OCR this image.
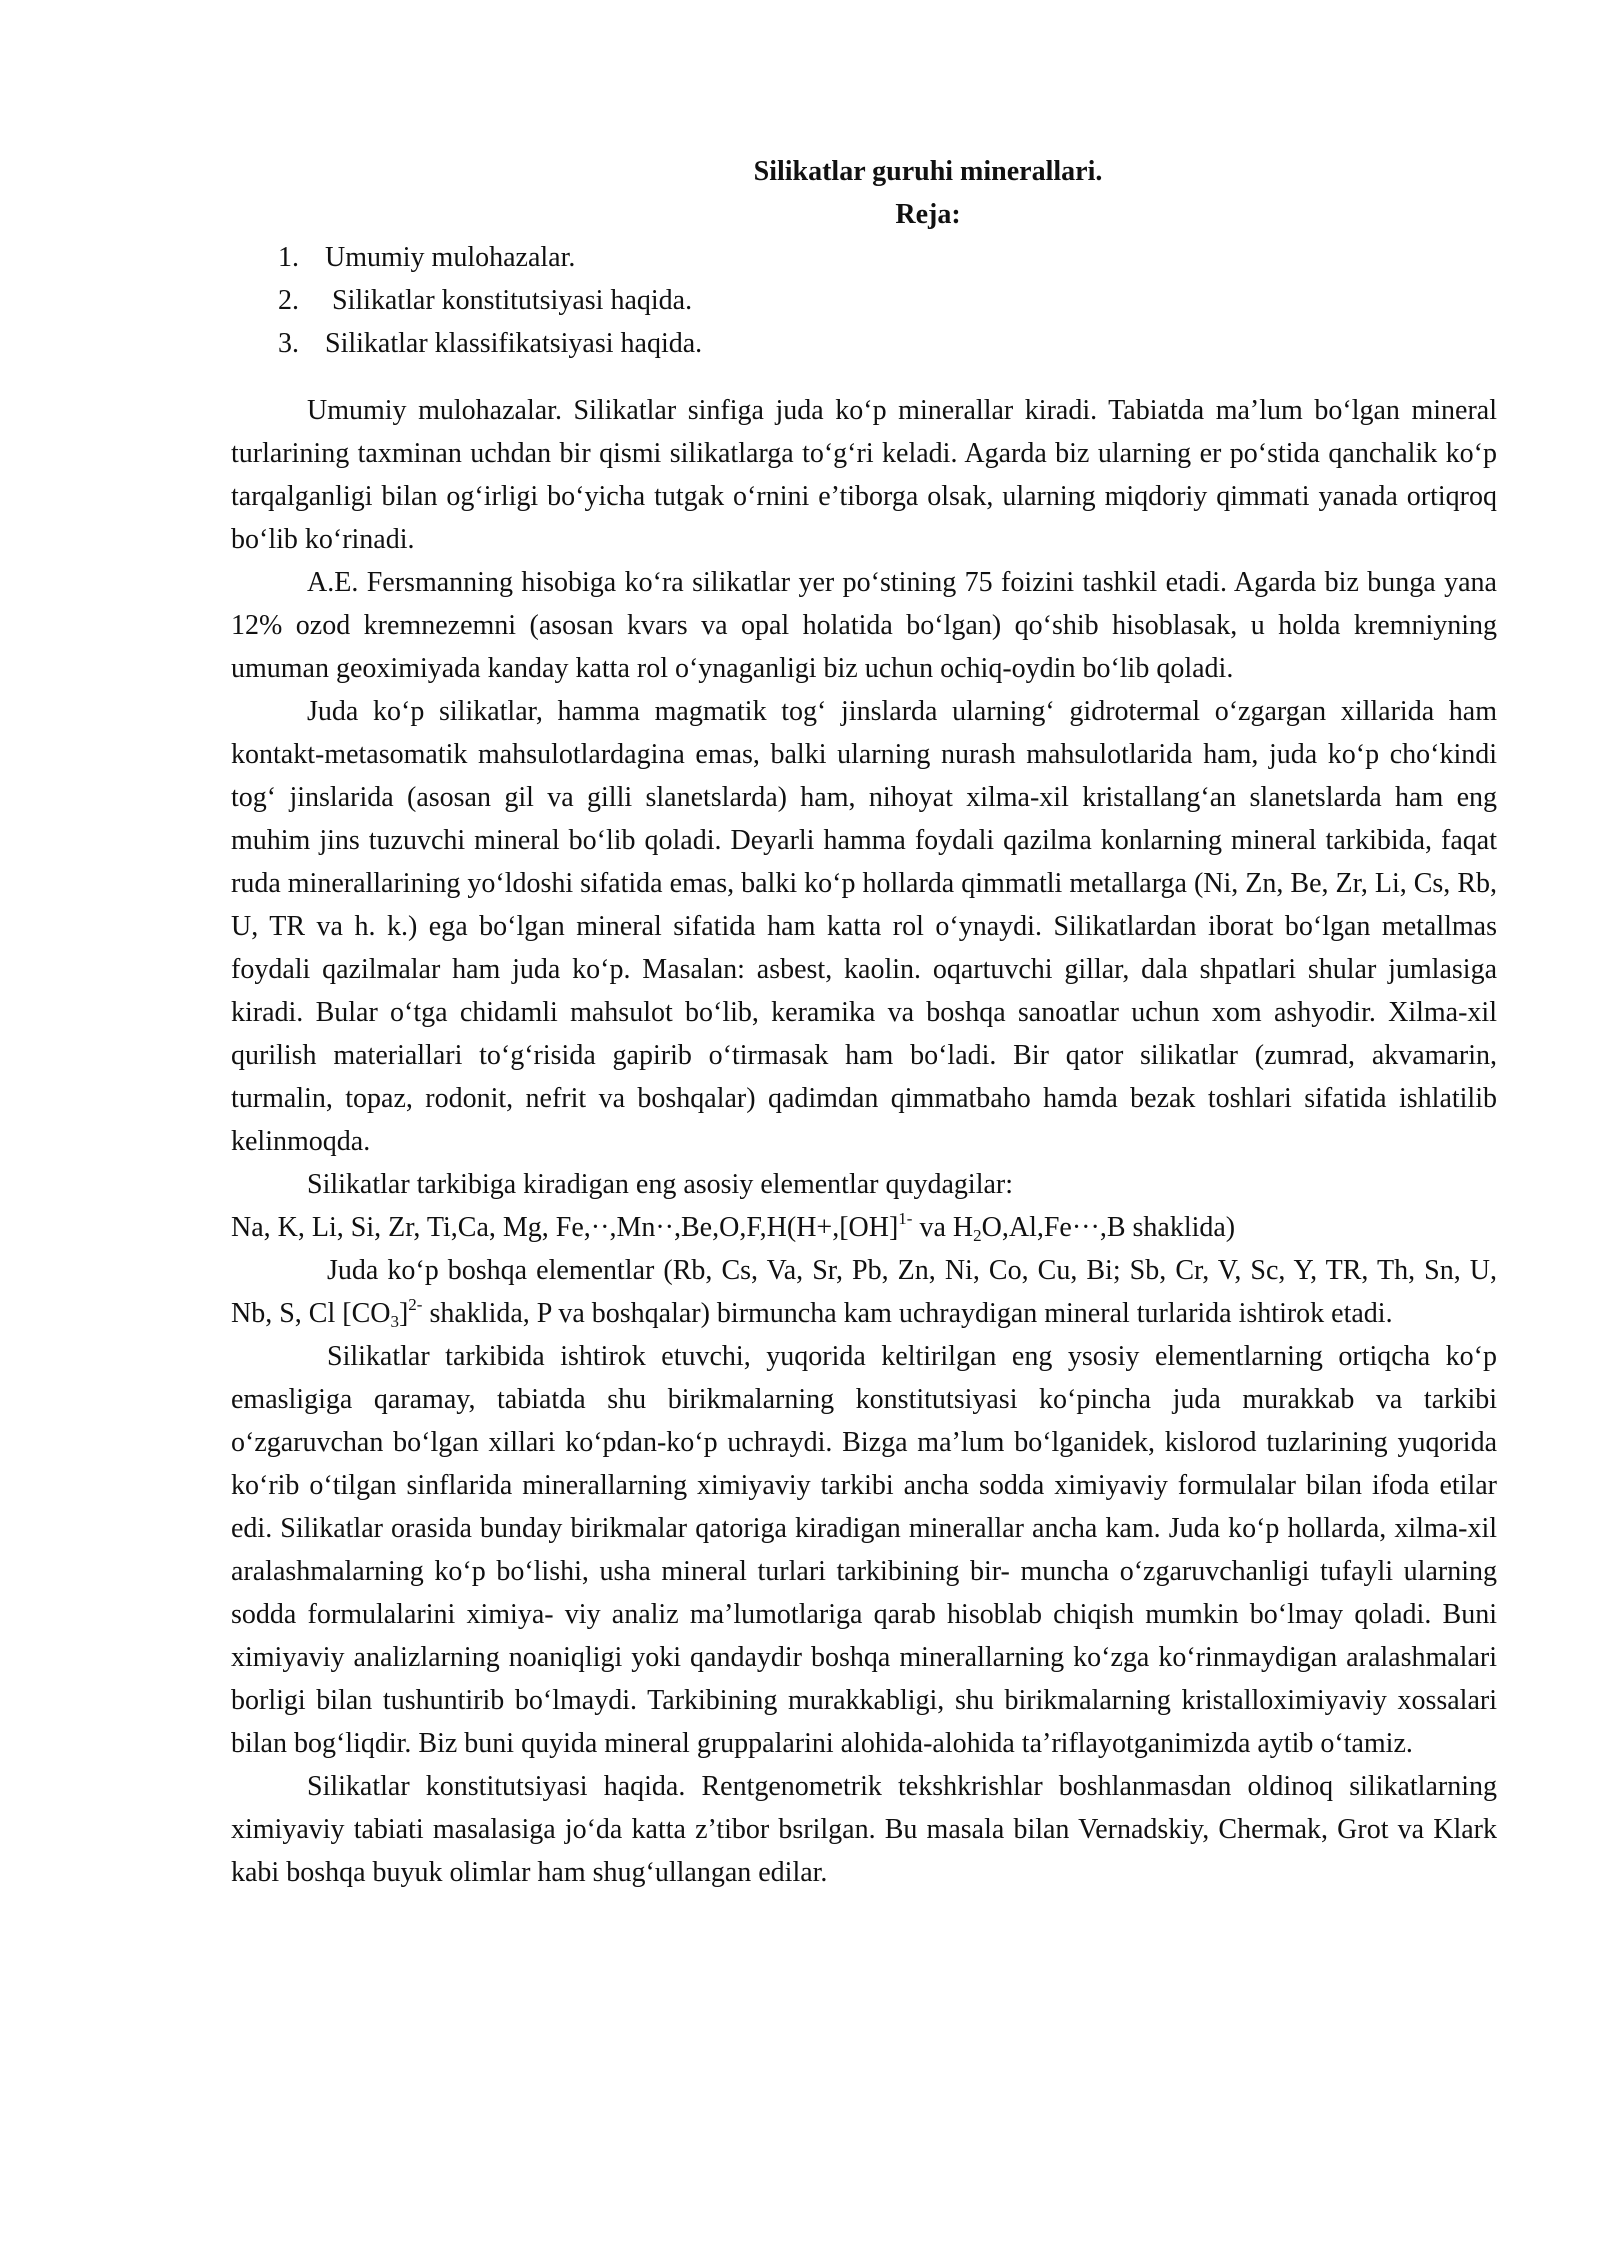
Silikatlar guruhi minerallari.
Reja:
1. Umumiy mulohazalar.
2. Silikatlar konstitutsiyasi haqida.
3. Silikatlar klassifikatsiyasi haqida.

Umumiy mulohazalar. Silikatlar sinfiga juda ko‘p minerallar kiradi. Tabiatda ma’lum bo‘lgan mineral turlarining taxminan uchdan bir qismi silikatlarga to‘g‘ri keladi. Agarda biz ularning er po‘stida qanchalik ko‘p tarqalganligi bilan og‘irligi bo‘yicha tutgak o‘rnini e’tiborga olsak, ularning miqdoriy qimmati yanada ortiqroq bo‘lib ko‘rinadi.

A.E. Fersmanning hisobiga ko‘ra silikatlar yer po‘stining 75 foizini tashkil etadi. Agarda biz bunga yana 12% ozod kremnezemni (asosan kvars va opal holatida bo‘lgan) qo‘shib hisoblasak, u holda kremniyning umuman geoximiyada kanday katta rol o‘ynaganligi biz uchun ochiq-oydin bo‘lib qoladi.

Juda ko‘p silikatlar, hamma magmatik tog‘ jinslarda ularning‘ gidrotermal o‘zgargan xillarida ham kontakt-metasomatik mahsulotlardagina emas, balki ularning nurash mahsulotlarida ham, juda ko‘p cho‘kindi tog‘ jinslarida (asosan gil va gilli slanetslarda) ham, nihoyat xilma-xil kristallang‘an slanetslarda ham eng muhim jins tuzuvchi mineral bo‘lib qoladi. Deyarli hamma foydali qazilma konlarning mineral tarkibida, faqat ruda minerallarining yo‘ldoshi sifatida emas, balki ko‘p hollarda qimmatli metallarga (Ni, Zn, Be, Zr, Li, Cs, Rb, U, TR va h. k.) ega bo‘lgan mineral sifatida ham katta rol o‘ynaydi. Silikatlardan iborat bo‘lgan metallmas foydali qazilmalar ham juda ko‘p. Masalan: asbest, kaolin. oqartuvchi gillar, dala shpatlari shular jumlasiga kiradi. Bular o‘tga chidamli mahsulot bo‘lib, keramika va boshqa sanoatlar uchun xom ashyodir. Xilma-xil qurilish materiallari to‘g‘risida gapirib o‘tirmasak ham bo‘ladi. Bir qator silikatlar (zumrad, akvamarin, turmalin, topaz, rodonit, nefrit va boshqalar) qadimdan qimmatbaho hamda bezak toshlari sifatida ishlatilib kelinmoqda.

Silikatlar tarkibiga kiradigan eng asosiy elementlar quydagilar:

Na, K, Li, Si, Zr, Ti,Ca, Mg, Fe,··,Mn··,Be,O,F,H(H+,[OH]$^{1-}$ va $H_2O,Al,Fe\cdot\cdot\cdot,B$ shaklida)

Juda ko‘p boshqa elementlar (Rb, Cs, Va, Sr, Pb, Zn, Ni, Co, Cu, Bi; Sb, Cr, V, Sc, Y, TR, Th, Sn, U, Nb, S, Cl $[CO_3]^{2-}$ shaklida, P va boshqalar) birmuncha kam uchraydigan mineral turlarida ishtirok etadi.

Silikatlar tarkibida ishtirok etuvchi, yuqorida keltirilgan eng ysosiy elementlarning ortiqcha ko‘p emasligiga qaramay, tabiatda shu birikmalarning konstitutsiyasi ko‘pincha juda murakkab va tarkibi o‘zgaruvchan bo‘lgan xillari ko‘pdan-ko‘p uchraydi. Bizga ma’lum bo‘lganidek, kislorod tuzlarining yuqorida ko‘rib o‘tilgan sinflarida minerallarning ximiyaviy tarkibi ancha sodda ximiyaviy formulalar bilan ifoda etilar edi. Silikatlar orasida bunday birikmalar qatoriga kiradigan minerallar ancha kam. Juda ko‘p hollarda, xilma-xil aralashmalarning ko‘p bo‘lishi, usha mineral turlari tarkibining bir- muncha o‘zgaruvchanligi tufayli ularning sodda formulalarini ximiya- viy analiz ma’lumotlariga qarab hisoblab chiqish mumkin bo‘lmay qoladi. Buni ximiyaviy analizlarning noaniqligi yoki qandaydir boshqa minerallarning ko‘zga ko‘rinmaydigan aralashmalari borligi bilan tushuntirib bo‘lmaydi. Tarkibining murakkabligi, shu birikmalarning kristalloximiyaviy xossalari bilan bog‘liqdir. Biz buni quyida mineral gruppalarini alohida-alohida ta’riflayotganimizda aytib o‘tamiz.

Silikatlar konstitutsiyasi haqida. Rentgenometrik tekshkrishlar boshlanmasdan oldinoq silikatlarning ximiyaviy tabiati masalasiga jo‘da katta z’tibor bsrilgan. Bu masala bilan Vernadskiy, Chermak, Grot va Klark kabi boshqa buyuk olimlar ham shug‘ullangan edilar.
